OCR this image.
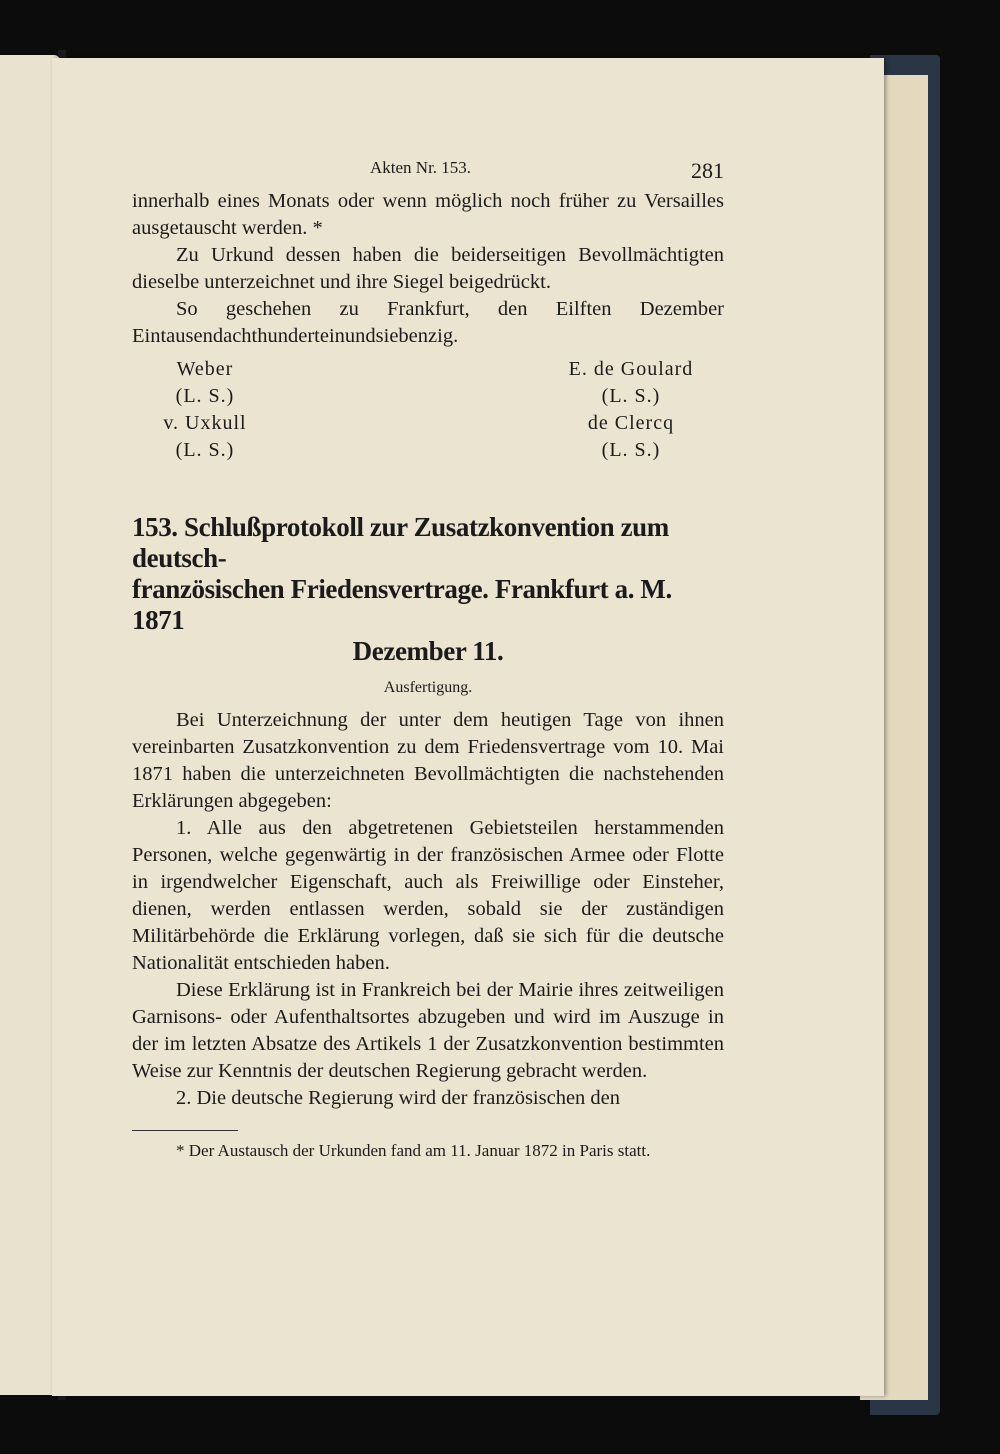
Akten Nr. 153.	281

innerhalb eines Monats oder wenn möglich noch früher zu Versailles ausgetauscht werden. *

Zu Urkund dessen haben die beiderseitigen Bevollmächtigten dieselbe unterzeichnet und ihre Siegel beigedrückt.

So geschehen zu Frankfurt, den Eilften Dezember Eintausendachthunderteinundsiebenzig.

Weber	E. de Goulard
(L. S.)	(L. S.)
v. Uxkull	de Clercq
(L. S.)	(L. S.)
153. Schlußprotokoll zur Zusatzkonvention zum deutsch-
französischen Friedensvertrage. Frankfurt a. M. 1871
Dezember 11.
Ausfertigung.

Bei Unterzeichnung der unter dem heutigen Tage von ihnen vereinbarten Zusatzkonvention zu dem Friedensvertrage vom 10. Mai 1871 haben die unterzeichneten Bevollmächtigten die nachstehenden Erklärungen abgegeben:

1. Alle aus den abgetretenen Gebietsteilen herstammenden Personen, welche gegenwärtig in der französischen Armee oder Flotte in irgendwelcher Eigenschaft, auch als Freiwillige oder Einsteher, dienen, werden entlassen werden, sobald sie der zuständigen Militärbehörde die Erklärung vorlegen, daß sie sich für die deutsche Nationalität entschieden haben.

Diese Erklärung ist in Frankreich bei der Mairie ihres zeitweiligen Garnisons- oder Aufenthaltsortes abzugeben und wird im Auszuge in der im letzten Absatze des Artikels 1 der Zusatzkonvention bestimmten Weise zur Kenntnis der deutschen Regierung gebracht werden.

2. Die deutsche Regierung wird der französischen den

* Der Austausch der Urkunden fand am 11. Januar 1872 in Paris statt.
